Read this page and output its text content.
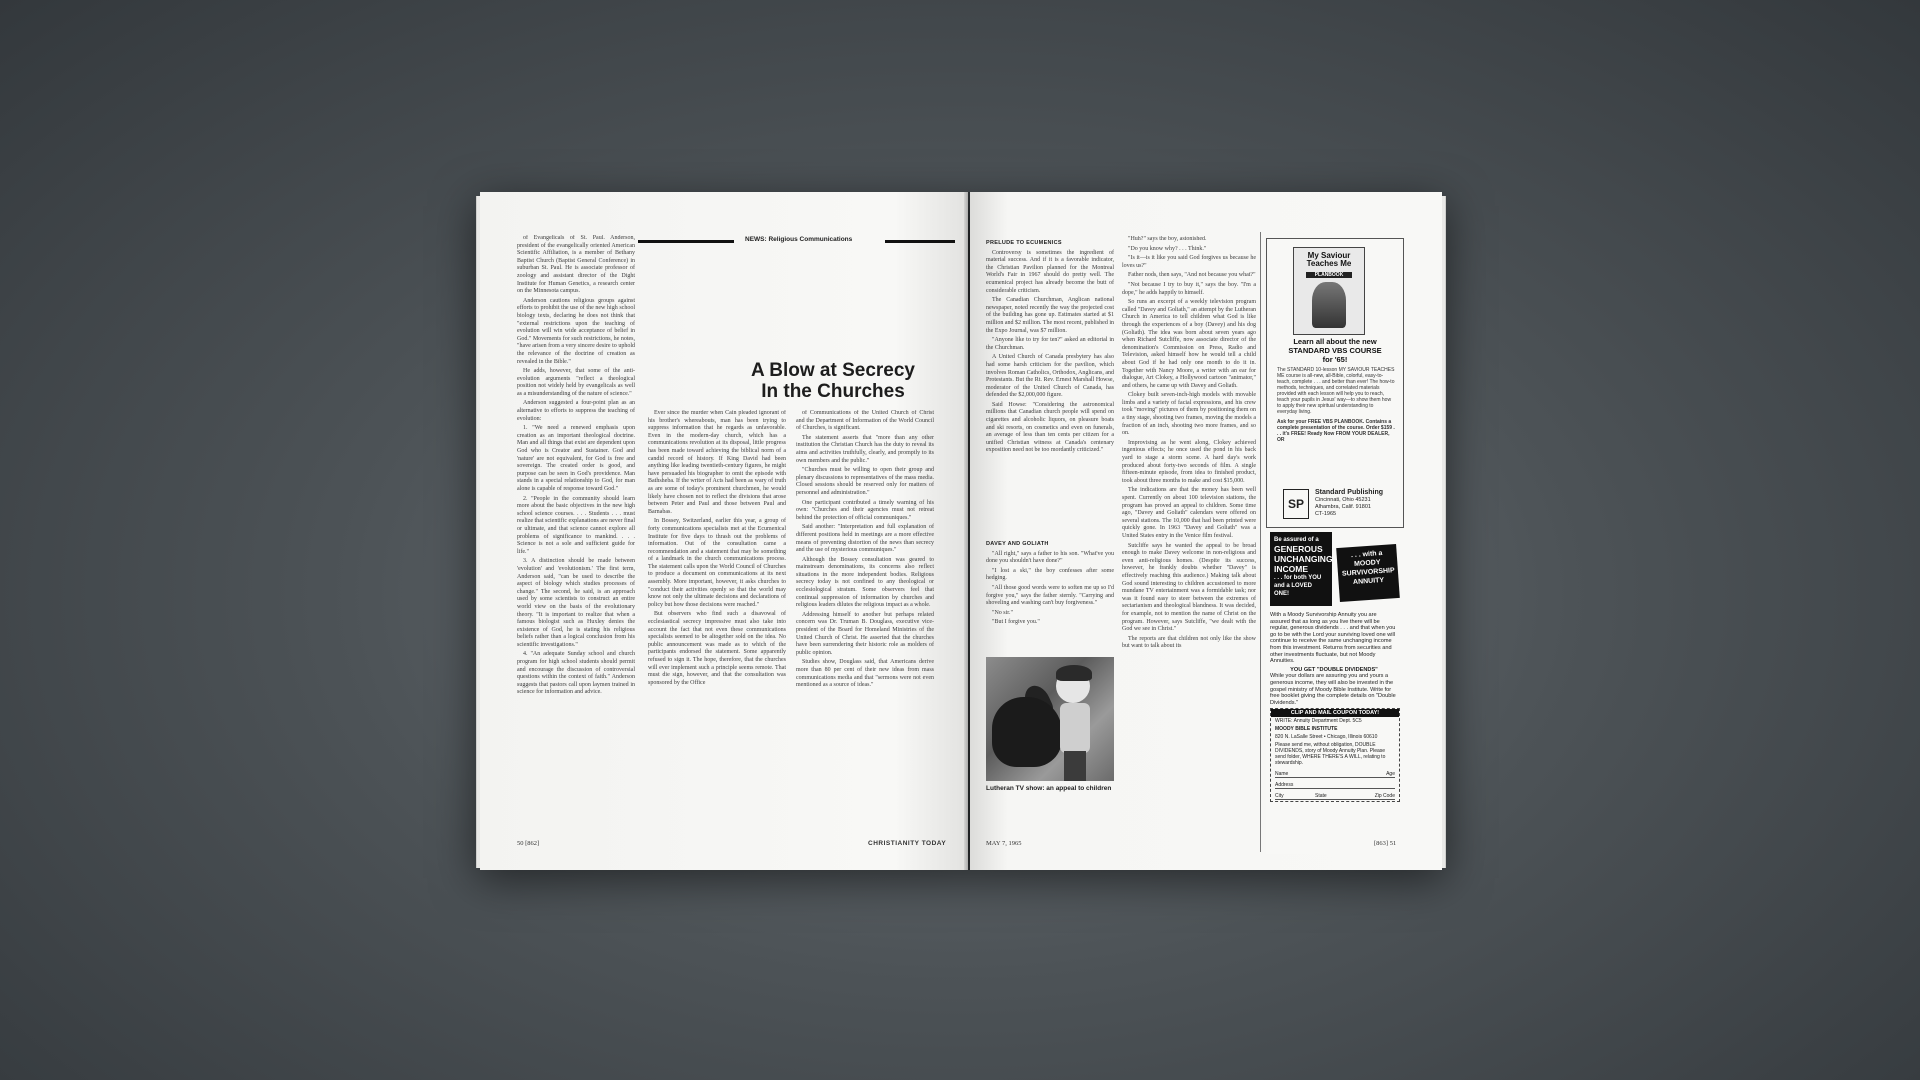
NEWS: Religious Communications
A Blow at Secrecy
In the Churches

of Evangelicals of St. Paul. Anderson, president of the evangelically oriented American Scientific Affiliation, is a member of Bethany Baptist Church (Baptist General Conference) in suburban St. Paul. He is associate professor of zoology and assistant director of the Dight Institute for Human Genetics, a research center on the Minnesota campus.

Anderson cautions religious groups against efforts to prohibit the use of the new high school biology texts, declaring he does not think that "external restrictions upon the teaching of evolution will win wide acceptance of belief in God." Movements for such restrictions, he notes, "have arisen from a very sincere desire to uphold the relevance of the doctrine of creation as revealed in the Bible."

He adds, however, that some of the anti-evolution arguments "reflect a theological position not widely held by evangelicals as well as a misunderstanding of the nature of science."

Anderson suggested a four-point plan as an alternative to efforts to suppress the teaching of evolution:

1. "We need a renewed emphasis upon creation as an important theological doctrine. Man and all things that exist are dependent upon God who is Creator and Sustainer. God and 'nature' are not equivalent, for God is free and sovereign. The created order is good, and purpose can be seen in God's providence. Man stands in a special relationship to God, for man alone is capable of response toward God."

2. "People in the community should learn more about the basic objectives in the new high school science courses. . . . Students . . . must realize that scientific explanations are never final or ultimate, and that science cannot explore all problems of significance to mankind. . . . Science is not a sole and sufficient guide for life."

3. A distinction should be made between 'evolution' and 'evolutionism.' The first term, Anderson said, "can be used to describe the aspect of biology which studies processes of change." The second, he said, is an approach used by some scientists to construct an entire world view on the basis of the evolutionary theory. "It is important to realize that when a famous biologist such as Huxley denies the existence of God, he is stating his religious beliefs rather than a logical conclusion from his scientific investigations."

4. "An adequate Sunday school and church program for high school students should permit and encourage the discussion of controversial questions within the context of faith." Anderson suggests that pastors call upon laymen trained in science for information and advice.

Ever since the murder when Cain pleaded ignorant of his brother's whereabouts, man has been trying to suppress information that he regards as unfavorable. Even in the modern-day church, which has a communications revolution at its disposal, little progress has been made toward achieving the biblical norm of a candid record of history. If King David had been anything like leading twentieth-century figures, he might have persuaded his biographer to omit the episode with Bathsheba. If the writer of Acts had been as wary of truth as are some of today's prominent churchmen, he would likely have chosen not to reflect the divisions that arose between Peter and Paul and those between Paul and Barnabas.

In Bossey, Switzerland, earlier this year, a group of forty communications specialists met at the Ecumenical Institute for five days to thrash out the problems of information. Out of the consultation came a recommendation and a statement that may be something of a landmark in the church communications process. The statement calls upon the World Council of Churches to produce a document on communications at its next assembly. More important, however, it asks churches to "conduct their activities openly so that the world may know not only the ultimate decisions and declarations of policy but how those decisions were reached."

But observers who find such a disavowal of ecclesiastical secrecy impressive must also take into account the fact that not even these communications specialists seemed to be altogether sold on the idea. No public announcement was made as to which of the participants endorsed the statement. Some apparently refused to sign it. The hope, therefore, that the churches will ever implement such a principle seems remote. That must die sign, however, and that the consultation was sponsored by the Office

of Communications of the United Church of Christ and the Department of Information of the World Council of Churches, is significant.

The statement asserts that "more than any other institution the Christian Church has the duty to reveal its aims and activities truthfully, clearly, and promptly to its own members and the public."

"Churches must be willing to open their group and plenary discussions to representatives of the mass media. Closed sessions should be reserved only for matters of personnel and administration."

One participant contributed a timely warning of his own: "Churches and their agencies must not retreat behind the protection of official communiques."

Said another: "Interpretation and full explanation of different positions held in meetings are a more effective means of preventing distortion of the news than secrecy and the use of mysterious communiques."

Although the Bossey consultation was geared to mainstream denominations, its concerns also reflect situations in the more independent bodies. Religious secrecy today is not confined to any theological or ecclesiological stratum. Some observers feel that continual suppression of information by churches and religious leaders dilutes the religious impact as a whole.

Addressing himself to another but perhaps related concern was Dr. Truman B. Douglass, executive vice-president of the Board for Homeland Ministries of the United Church of Christ. He asserted that the churches have been surrendering their historic role as molders of public opinion.

Studies show, Douglass said, that Americans derive more than 80 per cent of their new ideas from mass communications media and that "sermons were not even mentioned as a source of ideas."

50 [862]	CHRISTIANITY TODAY

PRELUDE TO ECUMENICS

Controversy is sometimes the ingredient of material success. And if it is a favorable indicator, the Christian Pavilion planned for the Montreal World's Fair in 1967 should do pretty well. The ecumenical project has already become the butt of considerable criticism.

The Canadian Churchman, Anglican national newspaper, noted recently the way the projected cost of the building has gone up. Estimates started at $1 million and $2 million. The most recent, published in the Expo Journal, was $7 million.

"Anyone like to try for ten?" asked an editorial in the Churchman.

A United Church of Canada presbytery has also had some harsh criticism for the pavilion, which involves Roman Catholics, Orthodox, Anglicans, and Protestants. But the Rt. Rev. Ernest Marshall Howse, moderator of the United Church of Canada, has defended the $2,000,000 figure.

Said Howse: "Considering the astronomical millions that Canadian church people will spend on cigarettes and alcoholic liquors, on pleasure boats and ski resorts, on cosmetics and even on funerals, an average of less than ten cents per citizen for a unified Christian witness at Canada's centenary exposition need not be too mordantly criticized."

DAVEY AND GOLIATH

"All right," says a father to his son. "What've you done you shouldn't have done?"

"I lost a ski," the boy confesses after some hedging.

"All those good words were to soften me up so I'd forgive you," says the father sternly. "Carrying and shoveling and washing can't buy forgiveness."

"No sir."

"But I forgive you."

Lutheran TV show: an appeal to children

"Huh?" says the boy, astonished.

"Do you know why? . . . Think."

"Is it—is it like you said God forgives us because he loves us?"

Father nods, then says, "And not because you what?"

"Not because I try to buy it," says the boy. "I'm a dope," he adds happily to himself.

So runs an excerpt of a weekly television program called "Davey and Goliath," an attempt by the Lutheran Church in America to tell children what God is like through the experiences of a boy (Davey) and his dog (Goliath). The idea was born about seven years ago when Richard Sutcliffe, now associate director of the denomination's Commission on Press, Radio and Television, asked himself how he would tell a child about God if he had only one month to do it in. Together with Nancy Moore, a writer with an ear for dialogue, Art Clokey, a Hollywood cartoon "animator," and others, he came up with Davey and Goliath.

Clokey built seven-inch-high models with movable limbs and a variety of facial expressions, and his crew took "moving" pictures of them by positioning them on a tiny stage, shooting two frames, moving the models a fraction of an inch, shooting two more frames, and so on.

Improvising as he went along, Clokey achieved ingenious effects; he once used the pond in his back yard to stage a storm scene. A hard day's work produced about forty-two seconds of film. A single fifteen-minute episode, from idea to finished product, took about three months to make and cost $15,000.

The indications are that the money has been well spent. Currently on about 100 television stations, the program has proved an appeal to children. Some time ago, "Davey and Goliath" calendars were offered on several stations. The 10,000 that had been printed were quickly gone. In 1963 "Davey and Goliath" was a United States entry in the Venice film festival.

Sutcliffe says he wanted the appeal to be broad enough to make Davey welcome in non-religious and even anti-religious homes. (Despite its success, however, he frankly doubts whether "Davey" is effectively reaching this audience.) Making talk about God sound interesting to children accustomed to more mundane TV entertainment was a formidable task; nor was it found easy to steer between the extremes of sectarianism and theological blandness. It was decided, for example, not to mention the name of Christ on the program. However, says Sutcliffe, "we dealt with the God we see in Christ."

The reports are that children not only like the show but want to talk about its

My Saviour Teaches Me
PLANBOOK
Learn all about the new
STANDARD VBS COURSE
for '65!
The STANDARD 10-lesson MY SAVIOUR TEACHES ME course is all-new, all-Bible, colorful, easy-to-teach, complete . . . and better than ever! The how-to methods, techniques, and correlated materials provided with each lesson will help you to reach, teach your pupils in Jesus' way—to show them how to apply their new spiritual understanding to everyday living.
Ask for your FREE VBS PLANBOOK. Contains a complete presentation of the course. Order $159 . . . it's FREE! Ready Now FROM YOUR DEALER, OR
SP
Standard Publishing
Cincinnati, Ohio 45231
Alhambra, Calif. 91801
CT-1965
Be assured of a
GENEROUS UNCHANGING INCOME
. . . for both YOU and a LOVED ONE!
. . . with a
MOODY SURVIVORSHIP ANNUITY
With a Moody Survivorship Annuity you are assured that as long as you live there will be regular, generous dividends . . . and that when you go to be with the Lord your surviving loved one will continue to receive the same unchanging income from this investment. Returns from securities and other investments fluctuate, but not Moody Annuities.
YOU GET "DOUBLE DIVIDENDS"
While your dollars are assuring you and yours a generous income, they will also be invested in the gospel ministry of Moody Bible Institute. Write for free booklet giving the complete details on "Double Dividends."
CLIP AND MAIL COUPON TODAY!
WRITE: Annuity Department Dept. 5C5
MOODY BIBLE INSTITUTE
820 N. LaSalle Street • Chicago, Illinois 60610
Please send me, without obligation, DOUBLE DIVIDENDS, story of Moody Annuity Plan. Please send folder, WHERE THERE'S A WILL, relating to stewardship.
Name	Age
Address
City	State	Zip Code
MAY 7, 1965	[863] 51
